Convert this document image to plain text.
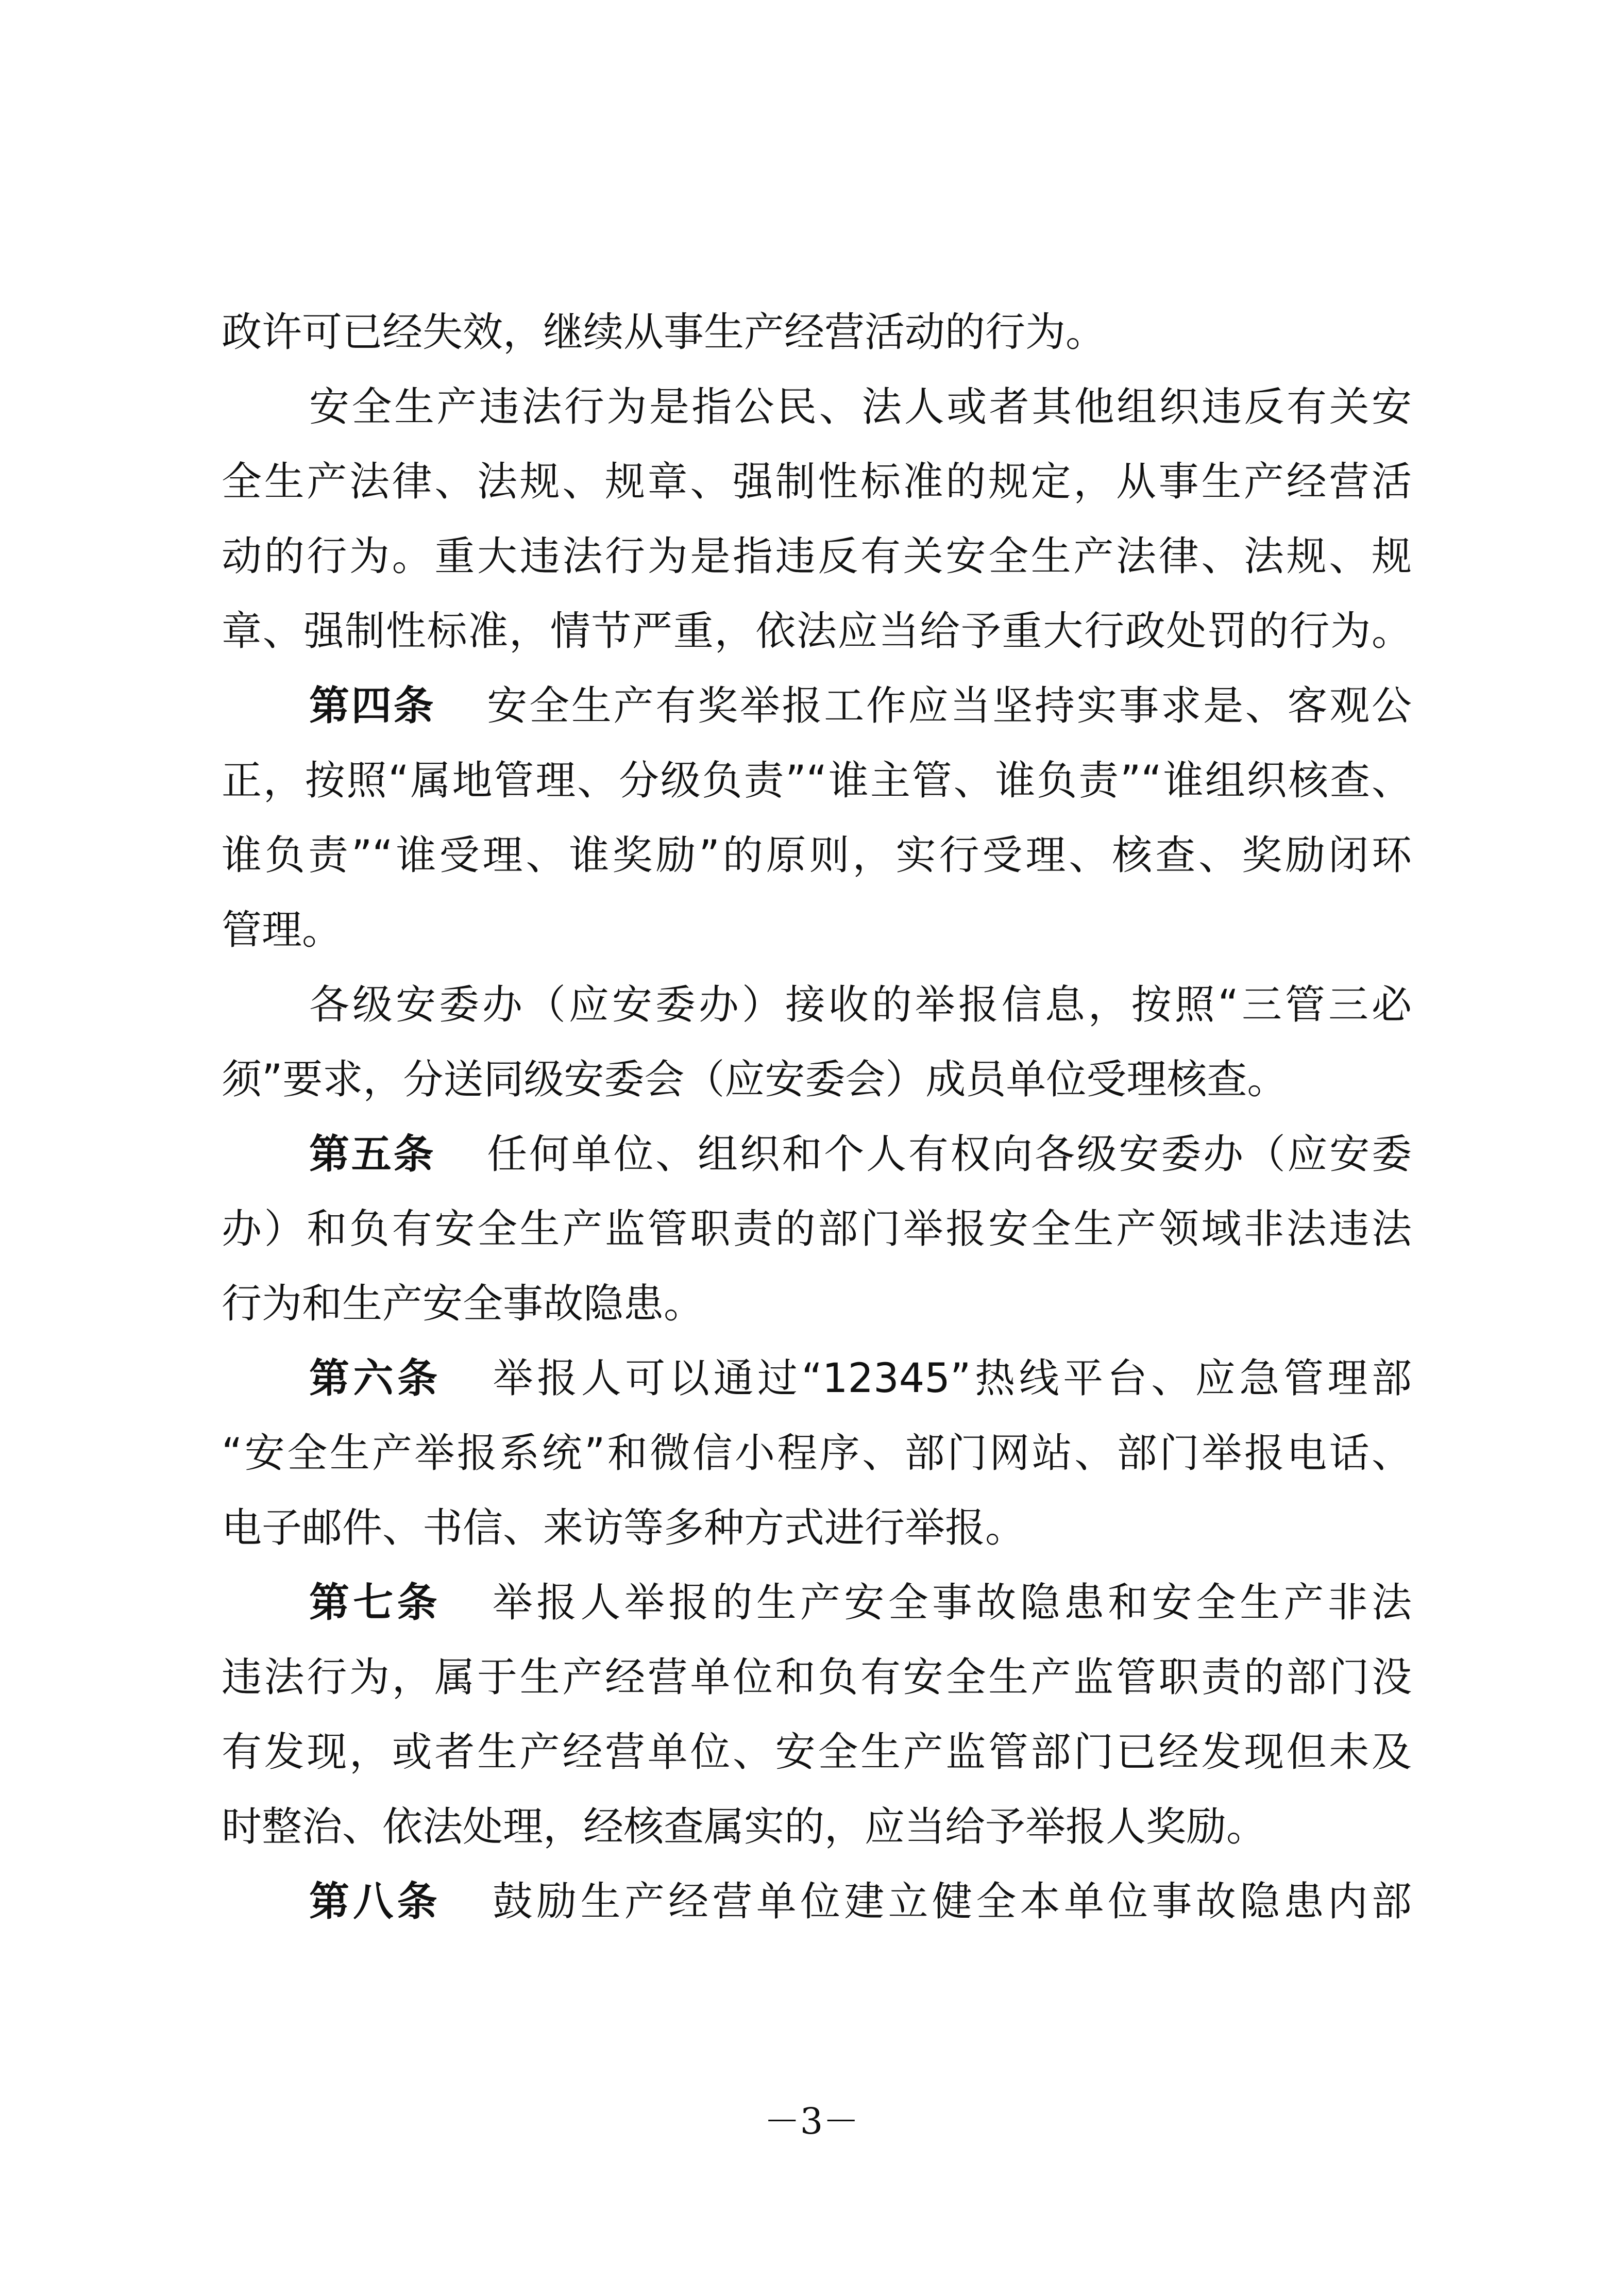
政许可已经失效，继续从事生产经营活动的行为。
安全生产违法行为是指公民、法人或者其他组织违反有关安
全生产法律、法规、规章、强制性标准的规定，从事生产经营活
动的行为。重大违法行为是指违反有关安全生产法律、法规、规
章、强制性标准，情节严重，依法应当给予重大行政处罚的行为。
第四条 安全生产有奖举报工作应当坚持实事求是、客观公
正，按照“属地管理、分级负责”“谁主管、谁负责”“谁组织核查、
谁负责”“谁受理、谁奖励”的原则，实行受理、核查、奖励闭环
管理。
各级安委办（应安委办）接收的举报信息，按照“三管三必
须”要求，分送同级安委会（应安委会）成员单位受理核查。
第五条 任何单位、组织和个人有权向各级安委办（应安委
办）和负有安全生产监管职责的部门举报安全生产领域非法违法
行为和生产安全事故隐患。
第六条 举报人可以通过“12345”热线平台、应急管理部
“安全生产举报系统”和微信小程序、部门网站、部门举报电话、
电子邮件、书信、来访等多种方式进行举报。
第七条 举报人举报的生产安全事故隐患和安全生产非法
违法行为，属于生产经营单位和负有安全生产监管职责的部门没
有发现，或者生产经营单位、安全生产监管部门已经发现但未及
时整治、依法处理，经核查属实的，应当给予举报人奖励。
第八条 鼓励生产经营单位建立健全本单位事故隐患内部
－3－
